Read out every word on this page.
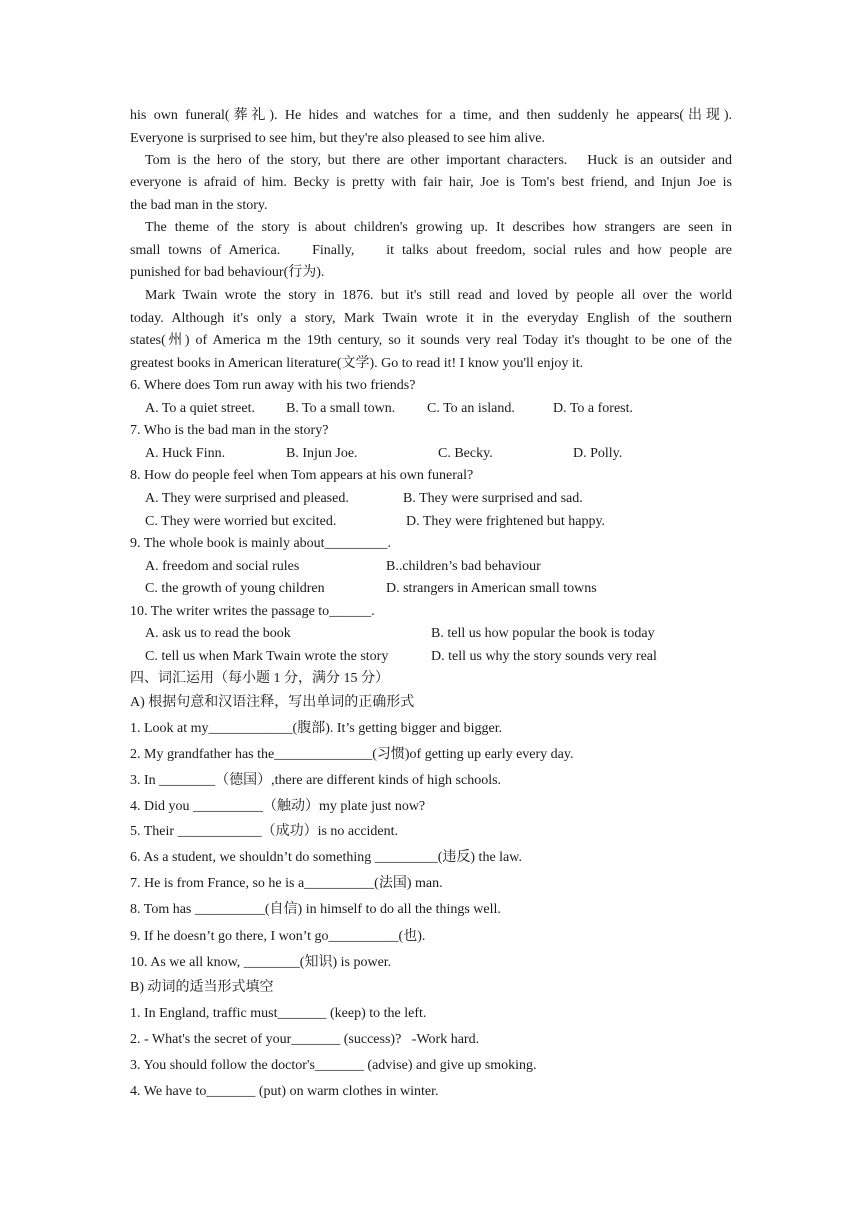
his own funeral(葬礼). He hides and watches for a time, and then suddenly he appears(出现).
Everyone is surprised to see him, but they're also pleased to see him alive.
Tom is the hero of the story, but there are other important characters.   Huck is an outsider and
everyone is afraid of him. Becky is pretty with fair hair, Joe is Tom's best friend, and Injun Joe is
the bad man in the story.
The theme of the story is about children's growing up. It describes how strangers are seen in
small towns of America.    Finally,    it talks about freedom, social rules and how people are
punished for bad behaviour(行为).
Mark Twain wrote the story in 1876. but it's still read and loved by people all over the world
today. Although it's only a story, Mark Twain wrote it in the everyday English of the southern
states(州) of America m the 19th century, so it sounds very real Today it's thought to be one of the
greatest books in American literature(文学). Go to read it! I know you'll enjoy it.
6. Where does Tom run away with his two friends?
A. To a quiet street. B. To a small town. C. To an island.	D. To a forest.
7. Who is the bad man in the story?
A. Huck Finn.	B. Injun Joe.	C. Becky.	D. Polly.
8. How do people feel when Tom appears at his own funeral?
A. They were surprised and pleased.	B. They were surprised and sad.
C. They were worried but excited.	D. They were frightened but happy.
9. The whole book is mainly about_________.
A. freedom and social rules	B..children’s bad behaviour
C. the growth of young children	D. strangers in American small towns
10. The writer writes the passage to______.
A. ask us to read the book	B. tell us how popular the book is today
C. tell us when Mark Twain wrote the story	D. tell us why the story sounds very real
四、词汇运用（每小题 1 分，满分 15 分）
A) 根据句意和汉语注释，写出单词的正确形式
1. Look at my____________(腹部). It’s getting bigger and bigger.
2. My grandfather has the______________(习惯)of getting up early every day.
3. In ________（德国）,there are different kinds of high schools.
4. Did you __________（触动）my plate just now?
5. Their ____________（成功）is no accident.
6. As a student, we shouldn’t do something _________(违反) the law.
7. He is from France, so he is a__________(法国) man.
8. Tom has __________(自信) in himself to do all the things well.
9. If he doesn’t go there, I won’t go__________(也).
10. As we all know, ________(知识) is power.
B) 动词的适当形式填空
1. In England, traffic must_______ (keep) to the left.
2. - What's the secret of your_______ (success)?   -Work hard.
3. You should follow the doctor's_______ (advise) and give up smoking.
4. We have to_______ (put) on warm clothes in winter.
